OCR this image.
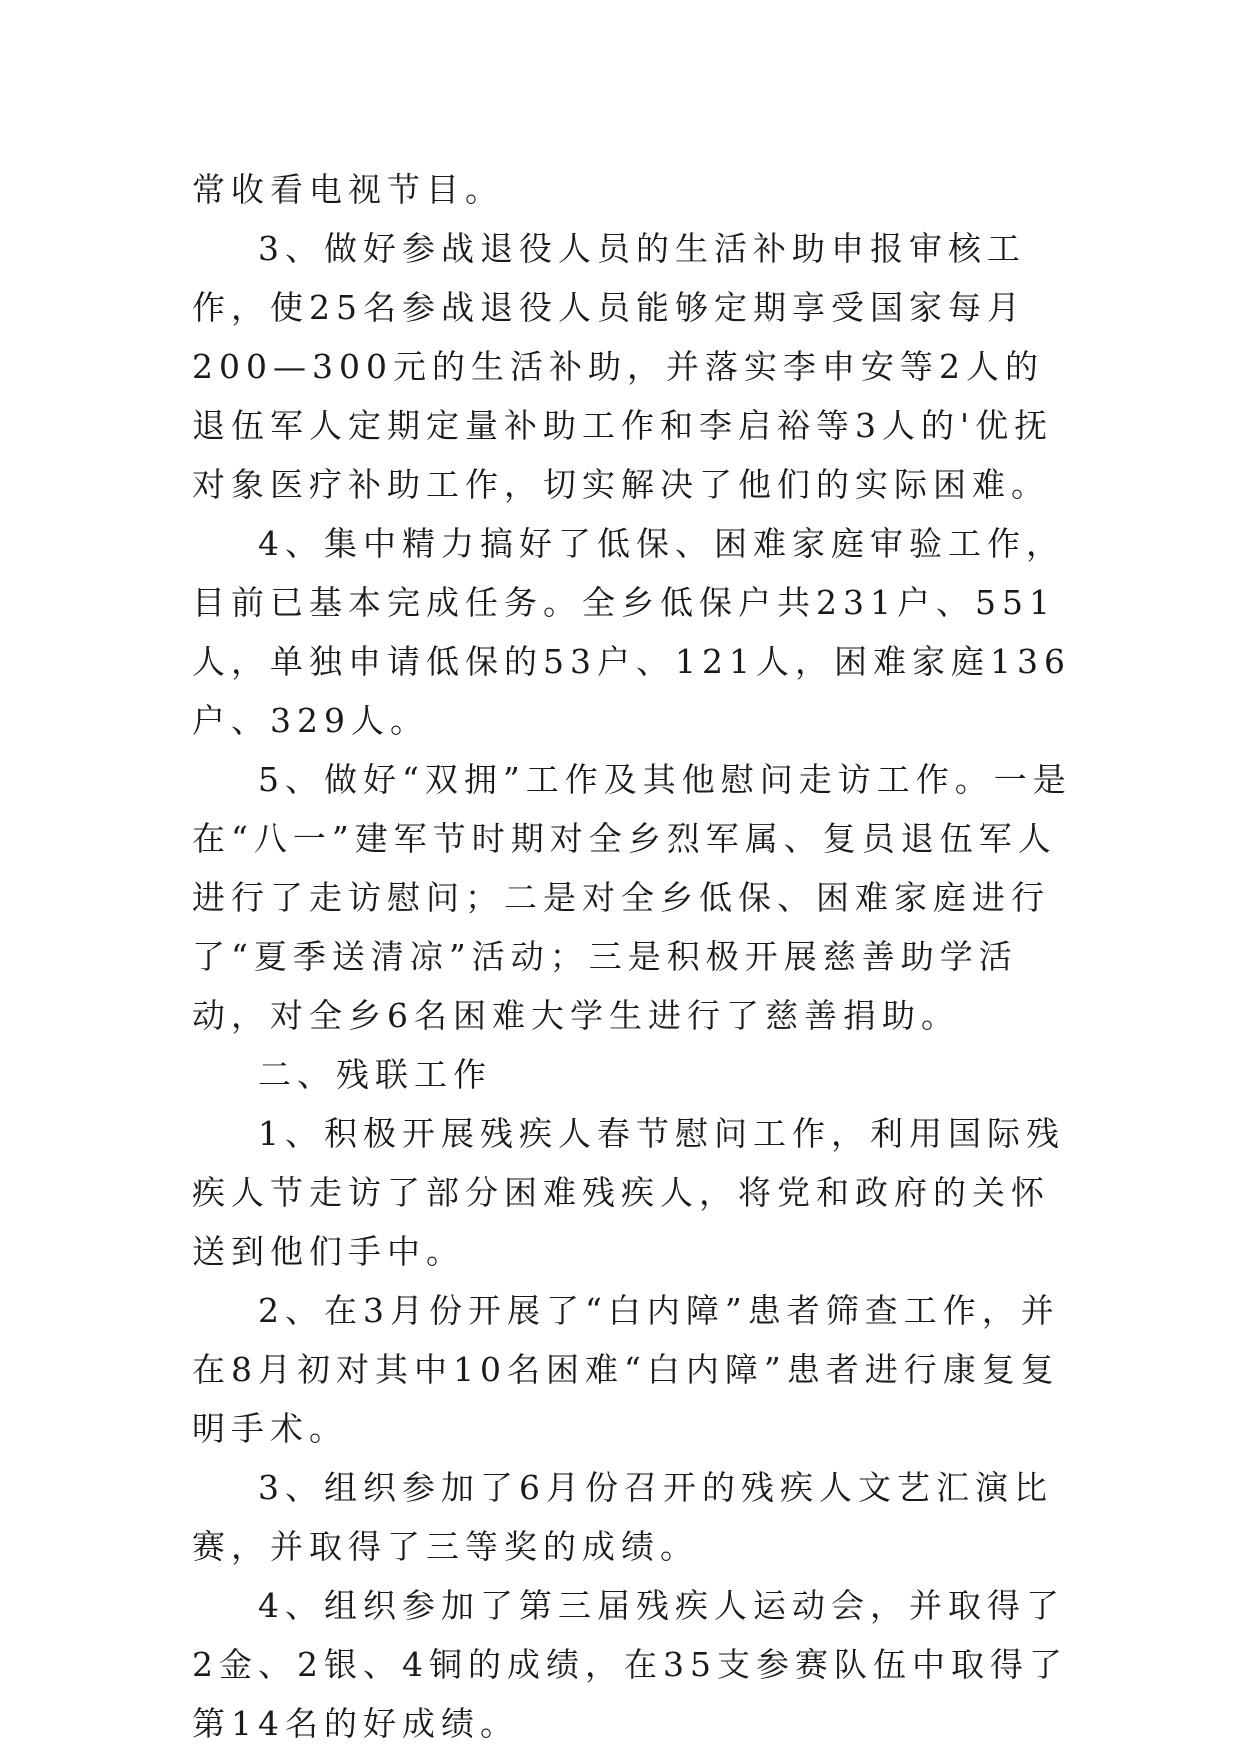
常收看电视节目。

3、做好参战退役人员的生活补助申报审核工作，使25名参战退役人员能够定期享受国家每月200—300元的生活补助，并落实李申安等2人的退伍军人定期定量补助工作和李启裕等3人的'优抚对象医疗补助工作，切实解决了他们的实际困难。

4、集中精力搞好了低保、困难家庭审验工作，目前已基本完成任务。全乡低保户共231户、551人，单独申请低保的53户、121人，困难家庭136户、329人。

5、做好“双拥”工作及其他慰问走访工作。一是在“八一”建军节时期对全乡烈军属、复员退伍军人进行了走访慰问；二是对全乡低保、困难家庭进行了“夏季送清凉”活动；三是积极开展慈善助学活动，对全乡6名困难大学生进行了慈善捐助。

二、残联工作

1、积极开展残疾人春节慰问工作，利用国际残疾人节走访了部分困难残疾人，将党和政府的关怀送到他们手中。

2、在3月份开展了“白内障”患者筛查工作，并在8月初对其中10名困难“白内障”患者进行康复复明手术。

3、组织参加了6月份召开的残疾人文艺汇演比赛，并取得了三等奖的成绩。

4、组织参加了第三届残疾人运动会，并取得了2金、2银、4铜的成绩，在35支参赛队伍中取得了第14名的好成绩。
